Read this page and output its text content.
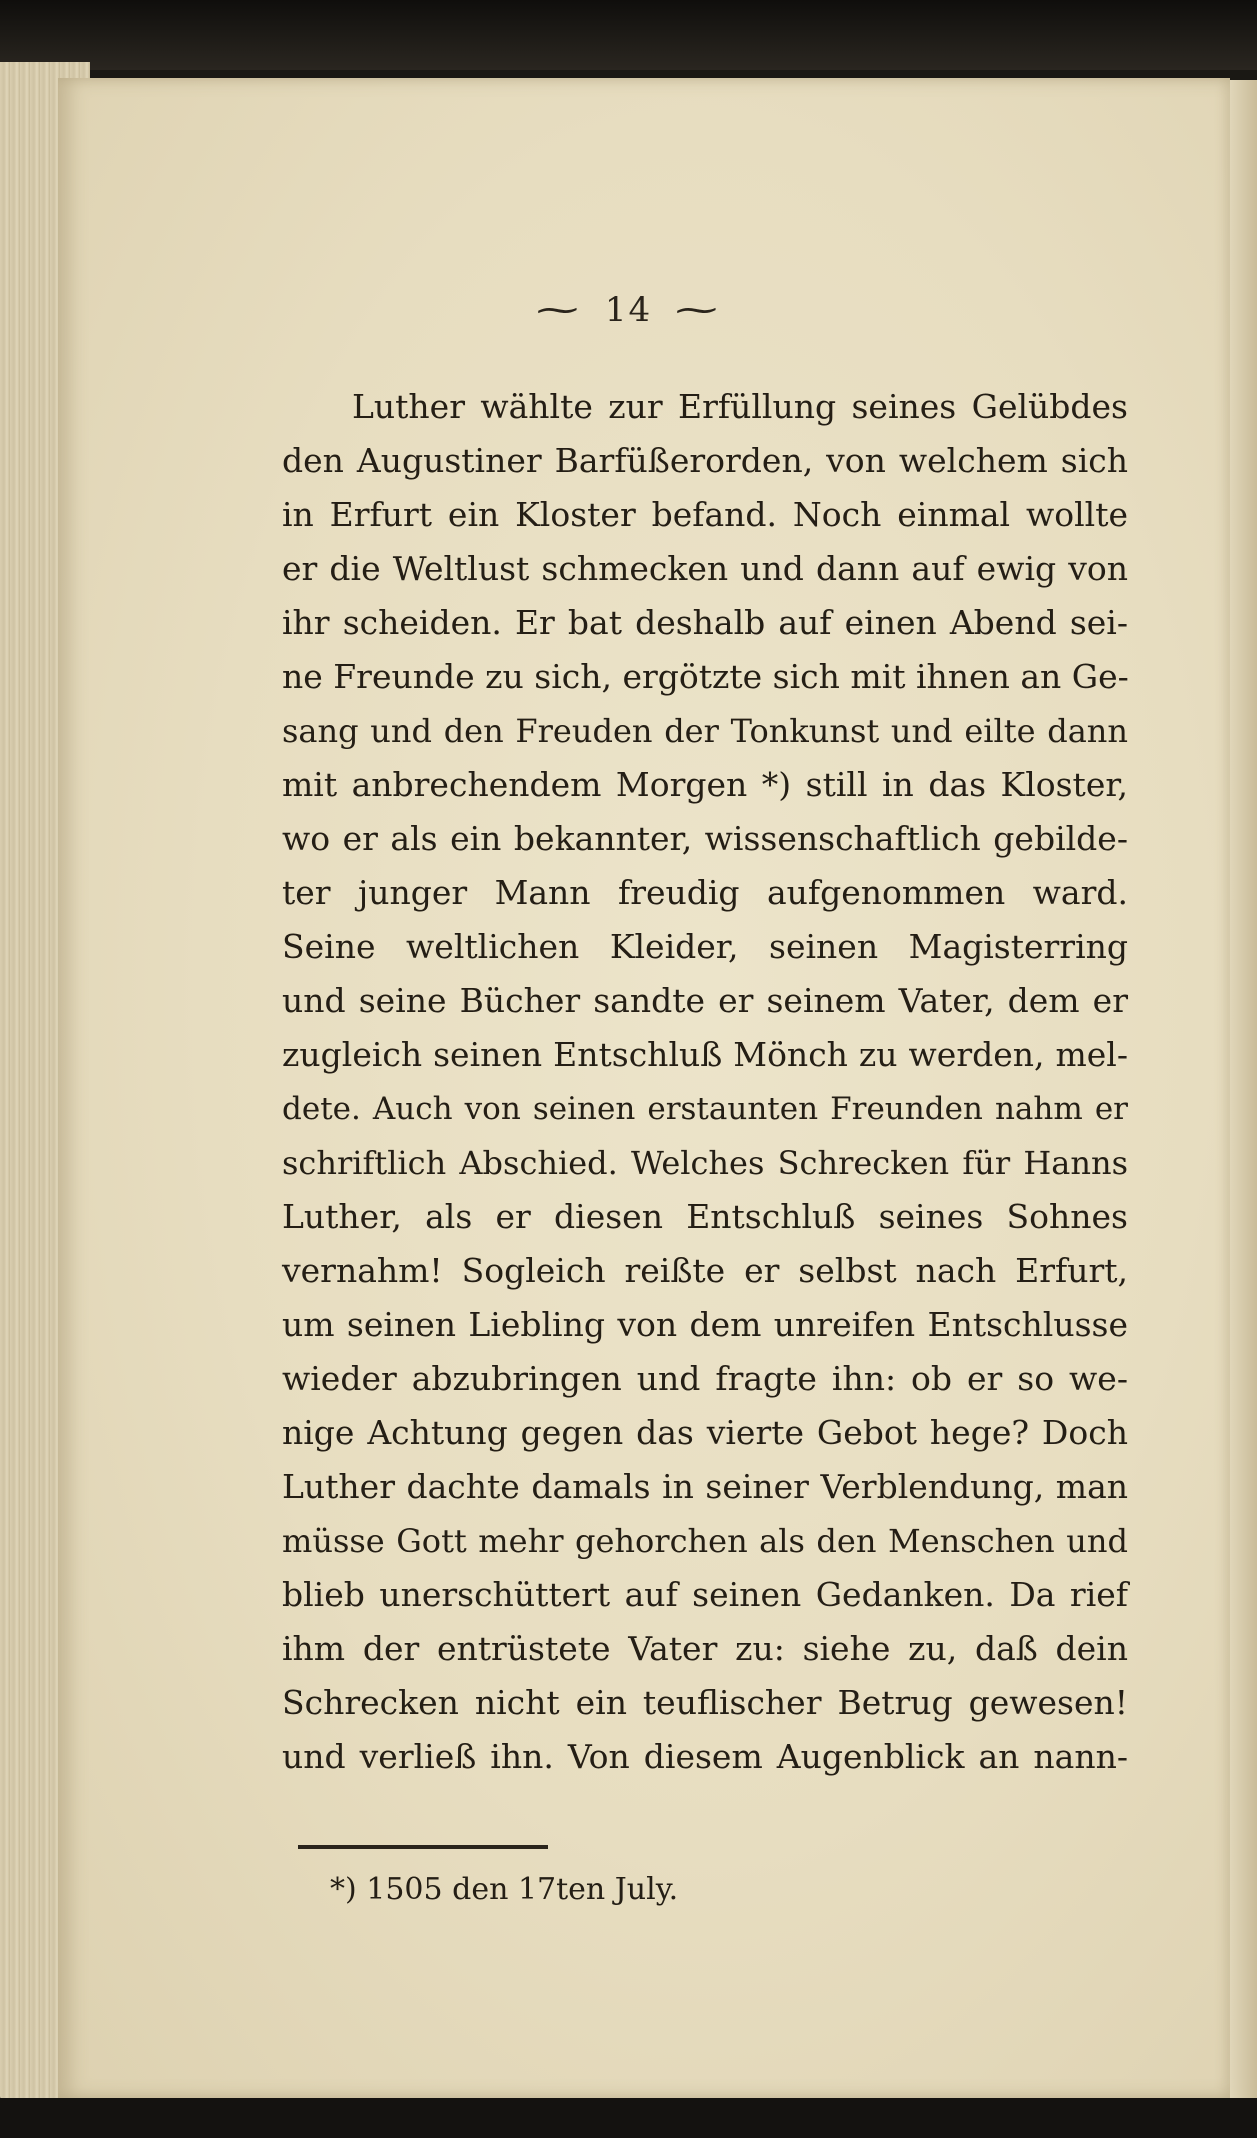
~ 14 ~
Luther wählte zur Erfüllung seines Gelübdes
den Augustiner Barfüßerorden, von welchem sich
in Erfurt ein Kloster befand. Noch einmal wollte
er die Weltlust schmecken und dann auf ewig von
ihr scheiden. Er bat deshalb auf einen Abend sei-
ne Freunde zu sich, ergötzte sich mit ihnen an Ge-
sang und den Freuden der Tonkunst und eilte dann
mit anbrechendem Morgen *) still in das Kloster,
wo er als ein bekannter, wissenschaftlich gebilde-
ter junger Mann freudig aufgenommen ward.
Seine weltlichen Kleider, seinen Magisterring
und seine Bücher sandte er seinem Vater, dem er
zugleich seinen Entschluß Mönch zu werden, mel-
dete. Auch von seinen erstaunten Freunden nahm er
schriftlich Abschied. Welches Schrecken für Hanns
Luther, als er diesen Entschluß seines Sohnes
vernahm! Sogleich reißte er selbst nach Erfurt,
um seinen Liebling von dem unreifen Entschlusse
wieder abzubringen und fragte ihn: ob er so we-
nige Achtung gegen das vierte Gebot hege? Doch
Luther dachte damals in seiner Verblendung, man
müsse Gott mehr gehorchen als den Menschen und
blieb unerschüttert auf seinen Gedanken. Da rief
ihm der entrüstete Vater zu: siehe zu, daß dein
Schrecken nicht ein teuflischer Betrug gewesen!
und verließ ihn. Von diesem Augenblick an nann-
*) 1505 den 17ten July.
